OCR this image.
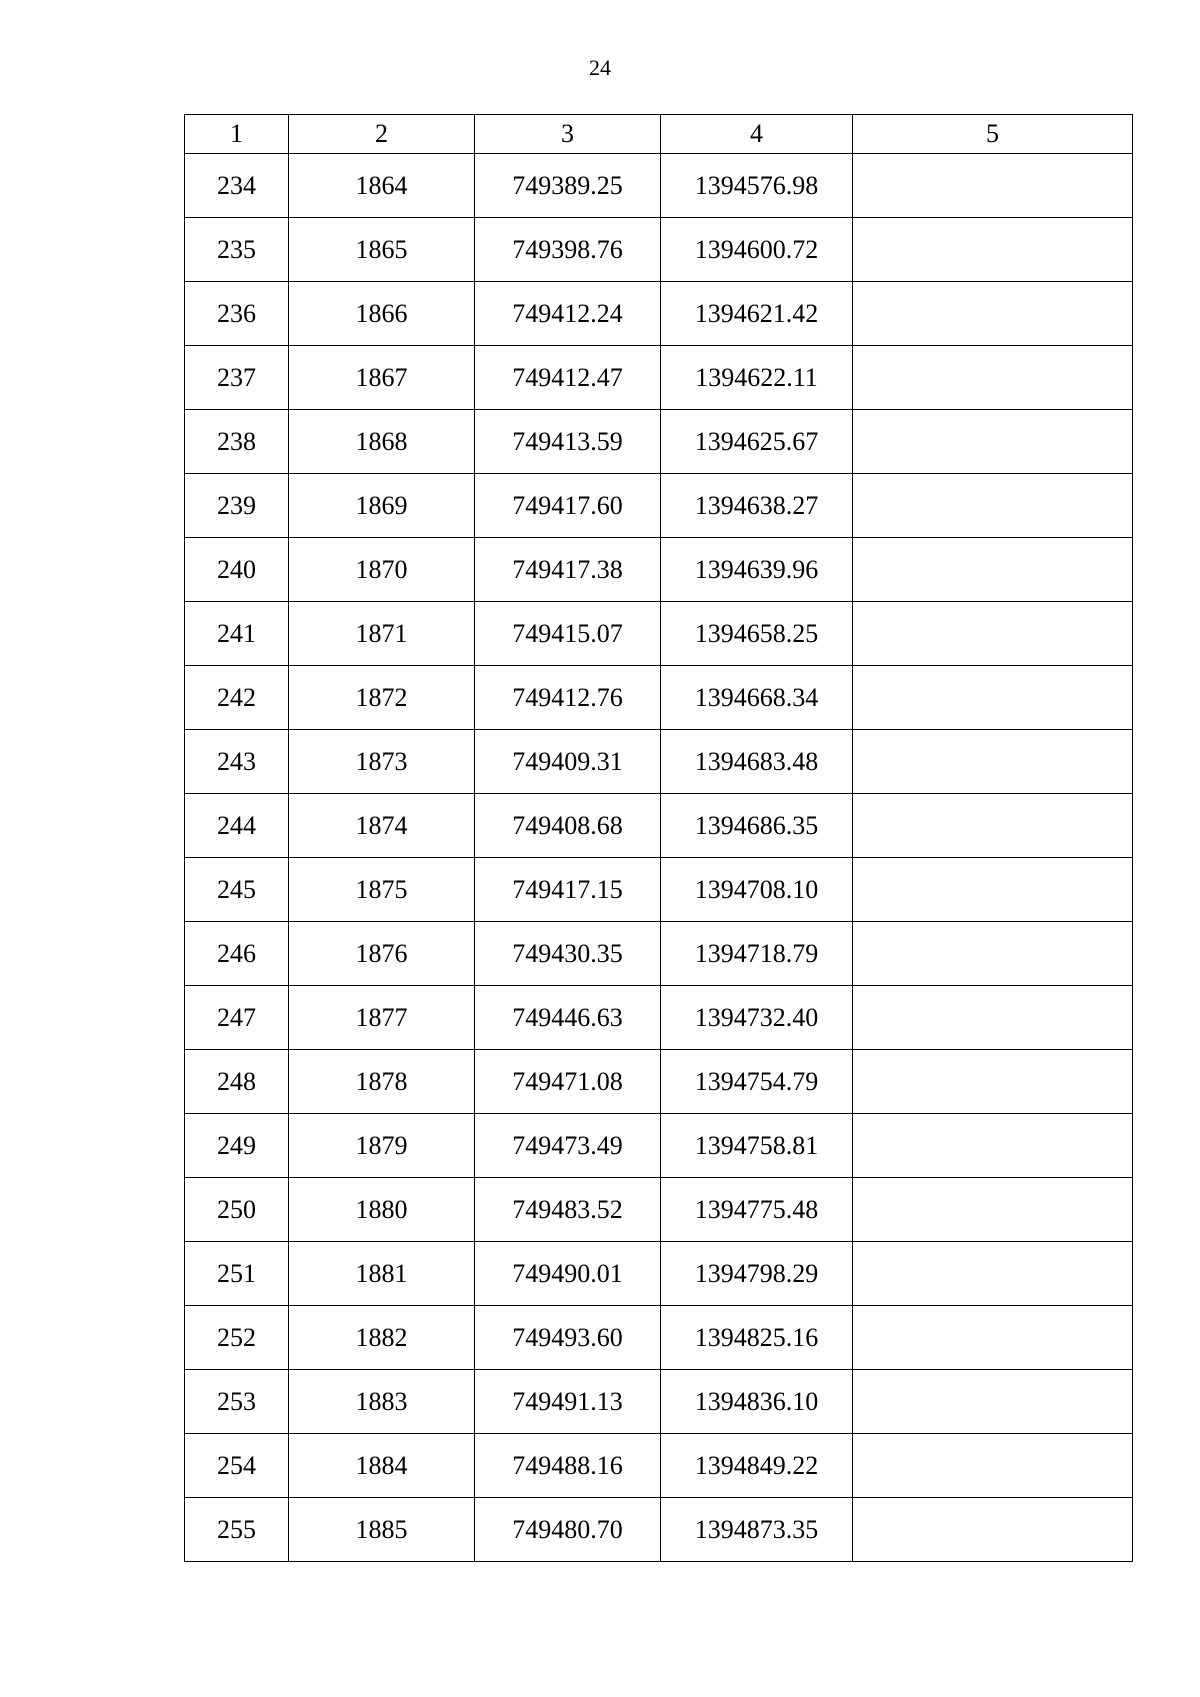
24
1	2	3	4	5
234	1864	749389.25	1394576.98	
235	1865	749398.76	1394600.72	
236	1866	749412.24	1394621.42	
237	1867	749412.47	1394622.11	
238	1868	749413.59	1394625.67	
239	1869	749417.60	1394638.27	
240	1870	749417.38	1394639.96	
241	1871	749415.07	1394658.25	
242	1872	749412.76	1394668.34	
243	1873	749409.31	1394683.48	
244	1874	749408.68	1394686.35	
245	1875	749417.15	1394708.10	
246	1876	749430.35	1394718.79	
247	1877	749446.63	1394732.40	
248	1878	749471.08	1394754.79	
249	1879	749473.49	1394758.81	
250	1880	749483.52	1394775.48	
251	1881	749490.01	1394798.29	
252	1882	749493.60	1394825.16	
253	1883	749491.13	1394836.10	
254	1884	749488.16	1394849.22	
255	1885	749480.70	1394873.35	
